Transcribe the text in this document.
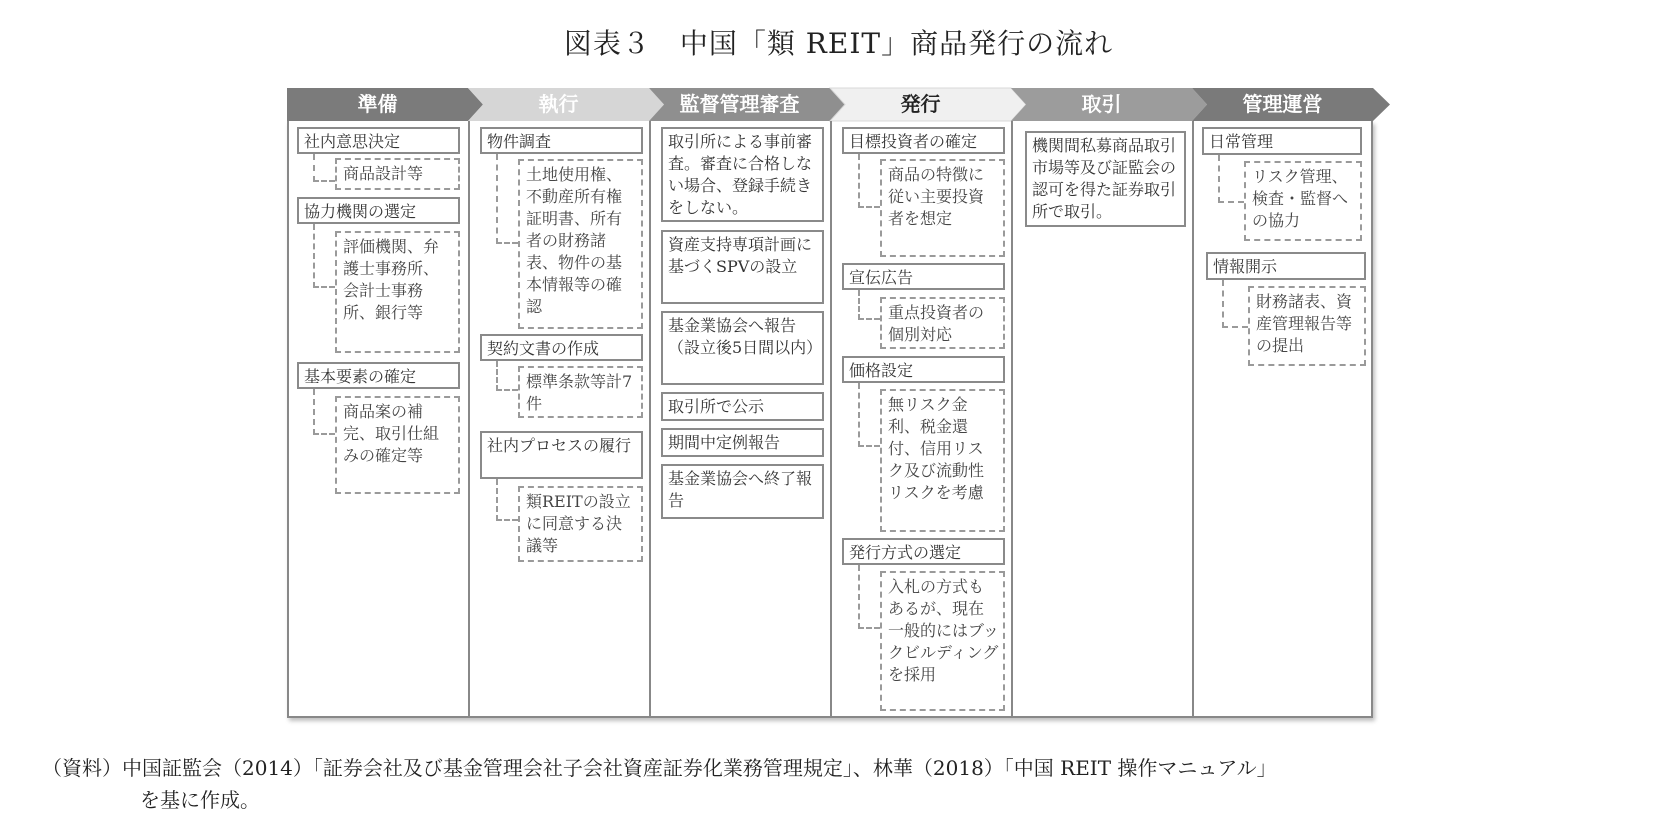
図表３　中国「類 REIT」商品発行の流れ
準備	執行	監督管理審査	発行	取引	管理運営
社内意思決定
商品設計等
協力機関の選定
評価機関、弁護士事務所、会計士事務所、銀行等
基本要素の確定
商品案の補完、取引仕組みの確定等
物件調査
土地使用権、不動産所有権証明書、所有者の財務諸表、物件の基本情報等の確認
契約文書の作成
標準条款等計7件
社内プロセスの履行
類REITの設立に同意する決議等
取引所による事前審査。審査に合格しない場合、登録手続きをしない。
資産支持専項計画に基づくSPVの設立
基金業協会へ報告（設立後5日間以内）
取引所で公示
期間中定例報告
基金業協会へ終了報告
目標投資者の確定
商品の特徴に従い主要投資者を想定
宣伝広告
重点投資者の個別対応
価格設定
無リスク金利、税金還付、信用リスク及び流動性リスクを考慮
発行方式の選定
入札の方式もあるが、現在一般的にはブックビルディングを採用
機関間私募商品取引市場等及び証監会の認可を得た証券取引所で取引。
日常管理
リスク管理、検査・監督への協力
情報開示
財務諸表、資産管理報告等の提出
（資料）中国証監会（2014）「証券会社及び基金管理会社子会社資産証券化業務管理規定」、林華（2018）「中国 REIT 操作マニュアル」
を基に作成。
